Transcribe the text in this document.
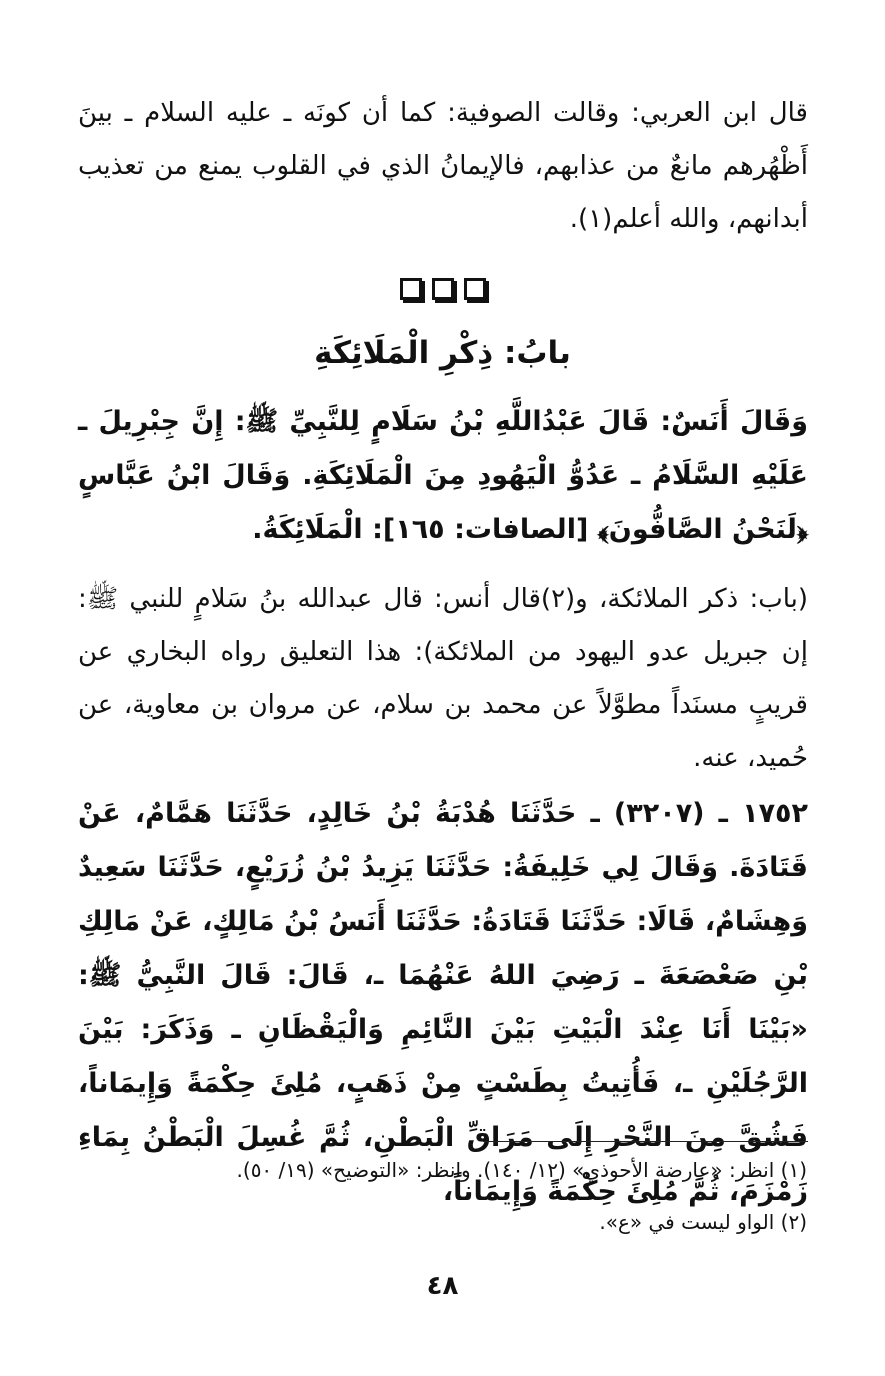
قال ابن العربي: وقالت الصوفية: كما أن كونَه ـ عليه السلام ـ بينَ أَظْهُرهم مانعٌ من عذابهم، فالإيمانُ الذي في القلوب يمنع من تعذيب أبدانهم، والله أعلم(١).

بابُ: ذِكْرِ الْمَلَائِكَةِ

وَقَالَ أَنَسٌ: قَالَ عَبْدُاللَّهِ بْنُ سَلَامٍ لِلنَّبِيِّ ﷺ: إِنَّ جِبْرِيلَ ـ عَلَيْهِ السَّلَامُ ـ عَدُوُّ الْيَهُودِ مِنَ الْمَلَائِكَةِ. وَقَالَ ابْنُ عَبَّاسٍ ﴿لَنَحْنُ الصَّافُّونَ﴾ [الصافات: ١٦٥]: الْمَلَائِكَةُ.

(باب: ذكر الملائكة، و(٢)قال أنس: قال عبدالله بنُ سَلامٍ للنبي ﷺ: إن جبريل عدو اليهود من الملائكة): هذا التعليق رواه البخاري عن قريبٍ مسنَداً مطوَّلاً عن محمد بن سلام، عن مروان بن معاوية، عن حُميد، عنه.

١٧٥٢ ـ (٣٢٠٧) ـ حَدَّثَنَا هُدْبَةُ بْنُ خَالِدٍ، حَدَّثَنَا هَمَّامٌ، عَنْ قَتَادَةَ. وَقَالَ لِي خَلِيفَةُ: حَدَّثَنَا يَزِيدُ بْنُ زُرَيْعٍ، حَدَّثَنَا سَعِيدٌ وَهِشَامٌ، قَالَا: حَدَّثَنَا قَتَادَةُ: حَدَّثَنَا أَنَسُ بْنُ مَالِكٍ، عَنْ مَالِكِ بْنِ صَعْصَعَةَ ـ رَضِيَ اللهُ عَنْهُمَا ـ، قَالَ: قَالَ النَّبِيُّ ﷺ: «بَيْنَا أَنَا عِنْدَ الْبَيْتِ بَيْنَ النَّائِمِ وَالْيَقْظَانِ ـ وَذَكَرَ: بَيْنَ الرَّجُلَيْنِ ـ، فَأُتِيتُ بِطَسْتٍ مِنْ ذَهَبٍ، مُلِئَ حِكْمَةً وَإِيمَاناً، فَشُقَّ مِنَ النَّحْرِ إِلَى مَرَاقِّ الْبَطْنِ، ثُمَّ غُسِلَ الْبَطْنُ بِمَاءِ زَمْزَمَ، ثُمَّ مُلِئَ حِكْمَةً وَإِيمَاناً،

(١) انظر: «عارضة الأحوذي» (١٢/ ١٤٠). وانظر: «التوضيح» (١٩/ ٥٠).
(٢) الواو ليست في «ع».
٤٨
